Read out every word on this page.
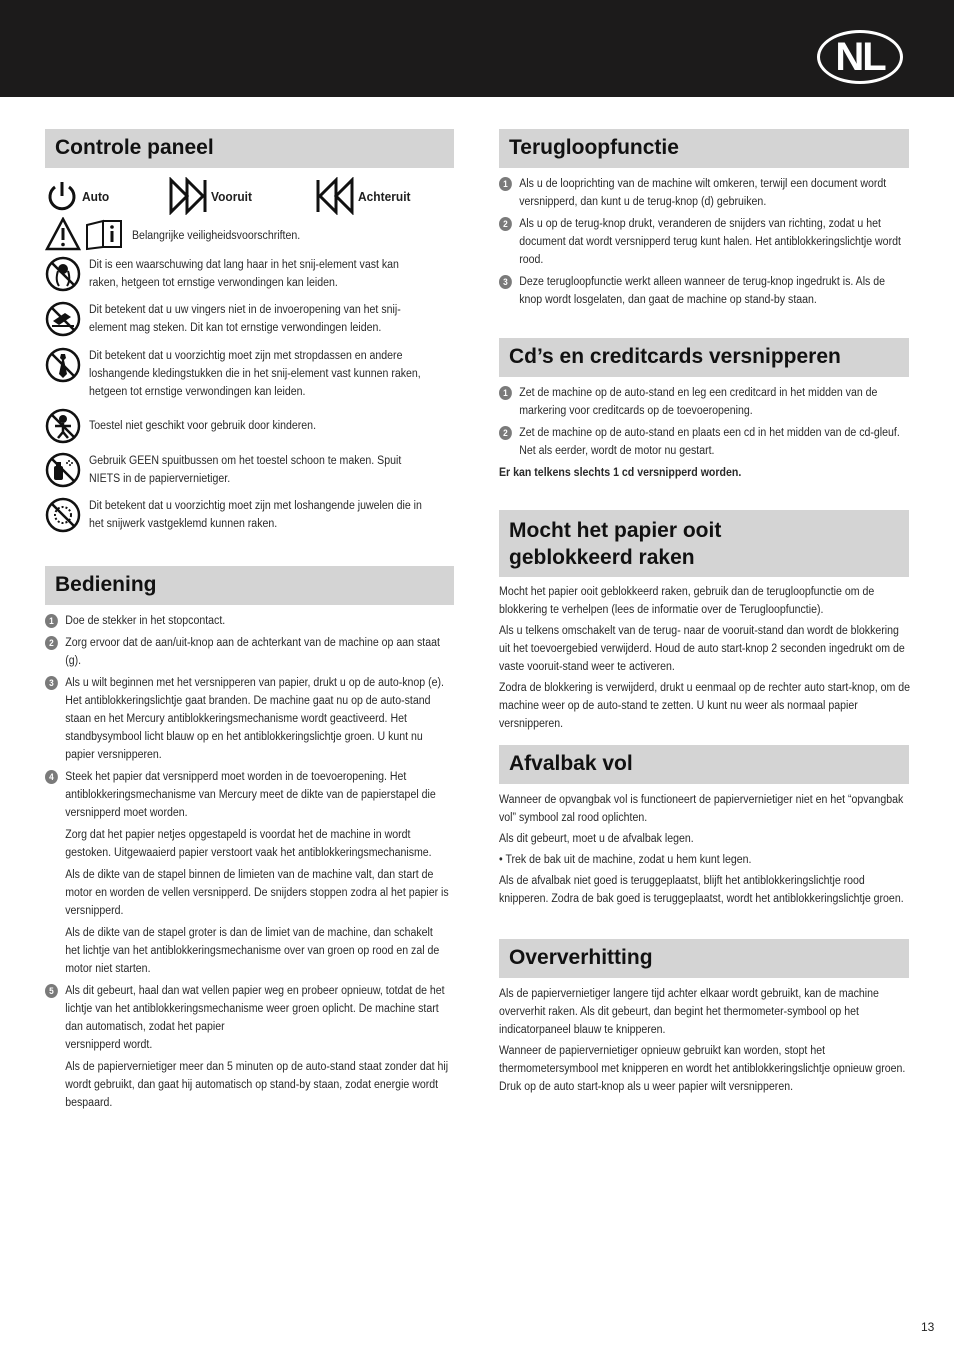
NL
Controle paneel
Auto	Vooruit	Achteruit
Belangrijke veiligheidsvoorschriften.
Dit is een waarschuwing dat lang haar in het snij-element vast kan raken, hetgeen tot ernstige verwondingen kan leiden.
Dit betekent dat u uw vingers niet in de invoeropening van het snij-element mag steken. Dit kan tot ernstige verwondingen leiden.
Dit betekent dat u voorzichtig moet zijn met stropdassen en andere loshangende kledingstukken die in het snij-element vast kunnen raken, hetgeen tot ernstige verwondingen kan leiden.
Toestel niet geschikt voor gebruik door kinderen.
Gebruik GEEN spuitbussen om het toestel schoon te maken. Spuit NIETS in de papiervernietiger.
Dit betekent dat u voorzichtig moet zijn met loshangende juwelen die in het snijwerk vastgeklemd kunnen raken.
Bediening
1	Doe de stekker in het stopcontact.
2	Zorg ervoor dat de aan/uit-knop aan de achterkant van de machine op aan staat (g).
3	Als u wilt beginnen met het versnipperen van papier, drukt u op de auto-knop (e). Het antiblokkeringslichtje gaat branden. De machine gaat nu op de auto-stand staan en het Mercury antiblokkeringsmechanisme wordt geactiveerd. Het standbysymbool licht blauw op en het antiblokkeringslichtje groen. U kunt nu papier versnipperen.
4	Steek het papier dat versnipperd moet worden in de toevoeropening. Het antiblokkeringsmechanisme van Mercury meet de dikte van de papierstapel die versnipperd moet worden.
Zorg dat het papier netjes opgestapeld is voordat het de machine in wordt gestoken. Uitgewaaierd papier verstoort vaak het antiblokkeringsmechanisme.
Als de dikte van de stapel binnen de limieten van de machine valt, dan start de motor en worden de vellen versnipperd. De snijders stoppen zodra al het papier is versnipperd.
Als de dikte van de stapel groter is dan de limiet van de machine, dan schakelt het lichtje van het antiblokkeringsmechanisme over van groen op rood en zal de motor niet starten.
5	Als dit gebeurt, haal dan wat vellen papier weg en probeer opnieuw, totdat de het lichtje van het antiblokkeringsmechanisme weer groen oplicht. De machine start dan automatisch, zodat het papier
versnipperd wordt.
Als de papiervernietiger meer dan 5 minuten op de auto-stand staat zonder dat hij wordt gebruikt, dan gaat hij automatisch op stand-by staan, zodat energie wordt bespaard.
Terugloopfunctie
1	Als u de looprichting van de machine wilt omkeren, terwijl een document wordt versnipperd, dan kunt u de terug-knop (d) gebruiken.
2	Als u op de terug-knop drukt, veranderen de snijders van richting, zodat u het document dat wordt versnipperd terug kunt halen. Het antiblokkeringslichtje wordt rood.
3	Deze terugloopfunctie werkt alleen wanneer de terug-knop ingedrukt is. Als de knop wordt losgelaten, dan gaat de machine op stand-by staan.
Cd’s en creditcards versnipperen
1	Zet de machine op de auto-stand en leg een creditcard in het midden van de markering voor creditcards op de toevoeropening.
2	Zet de machine op de auto-stand en plaats een cd in het midden van de cd-gleuf. Net als eerder, wordt de motor nu gestart.
Er kan telkens slechts 1 cd versnipperd worden.
Mocht het papier ooit
geblokkeerd raken
Mocht het papier ooit geblokkeerd raken, gebruik dan de terugloopfunctie om de blokkering te verhelpen (lees de informatie over de Terugloopfunctie).
Als u telkens omschakelt van de terug- naar de vooruit-stand dan wordt de blokkering uit het toevoergebied verwijderd. Houd de auto start-knop 2 seconden ingedrukt om de vaste vooruit-stand weer te activeren.
Zodra de blokkering is verwijderd, drukt u eenmaal op de rechter auto start-knop, om de machine weer op de auto-stand te zetten. U kunt nu weer als normaal papier versnipperen.
Afvalbak vol
Wanneer de opvangbak vol is functioneert de papiervernietiger niet en het “opvangbak vol” symbool zal rood oplichten.
Als dit gebeurt, moet u de afvalbak legen.
• Trek de bak uit de machine, zodat u hem kunt legen.
Als de afvalbak niet goed is teruggeplaatst, blijft het antiblokkeringslichtje rood knipperen. Zodra de bak goed is teruggeplaatst, wordt het antiblokkeringslichtje groen.
Oververhitting
Als de papiervernietiger langere tijd achter elkaar wordt gebruikt, kan de machine oververhit raken. Als dit gebeurt, dan begint het thermometer-symbool op het indicatorpaneel blauw te knipperen.
Wanneer de papiervernietiger opnieuw gebruikt kan worden, stopt het thermometersymbool met knipperen en wordt het antiblokkeringslichtje opnieuw groen. Druk op de auto start-knop als u weer papier wilt versnipperen.
13
